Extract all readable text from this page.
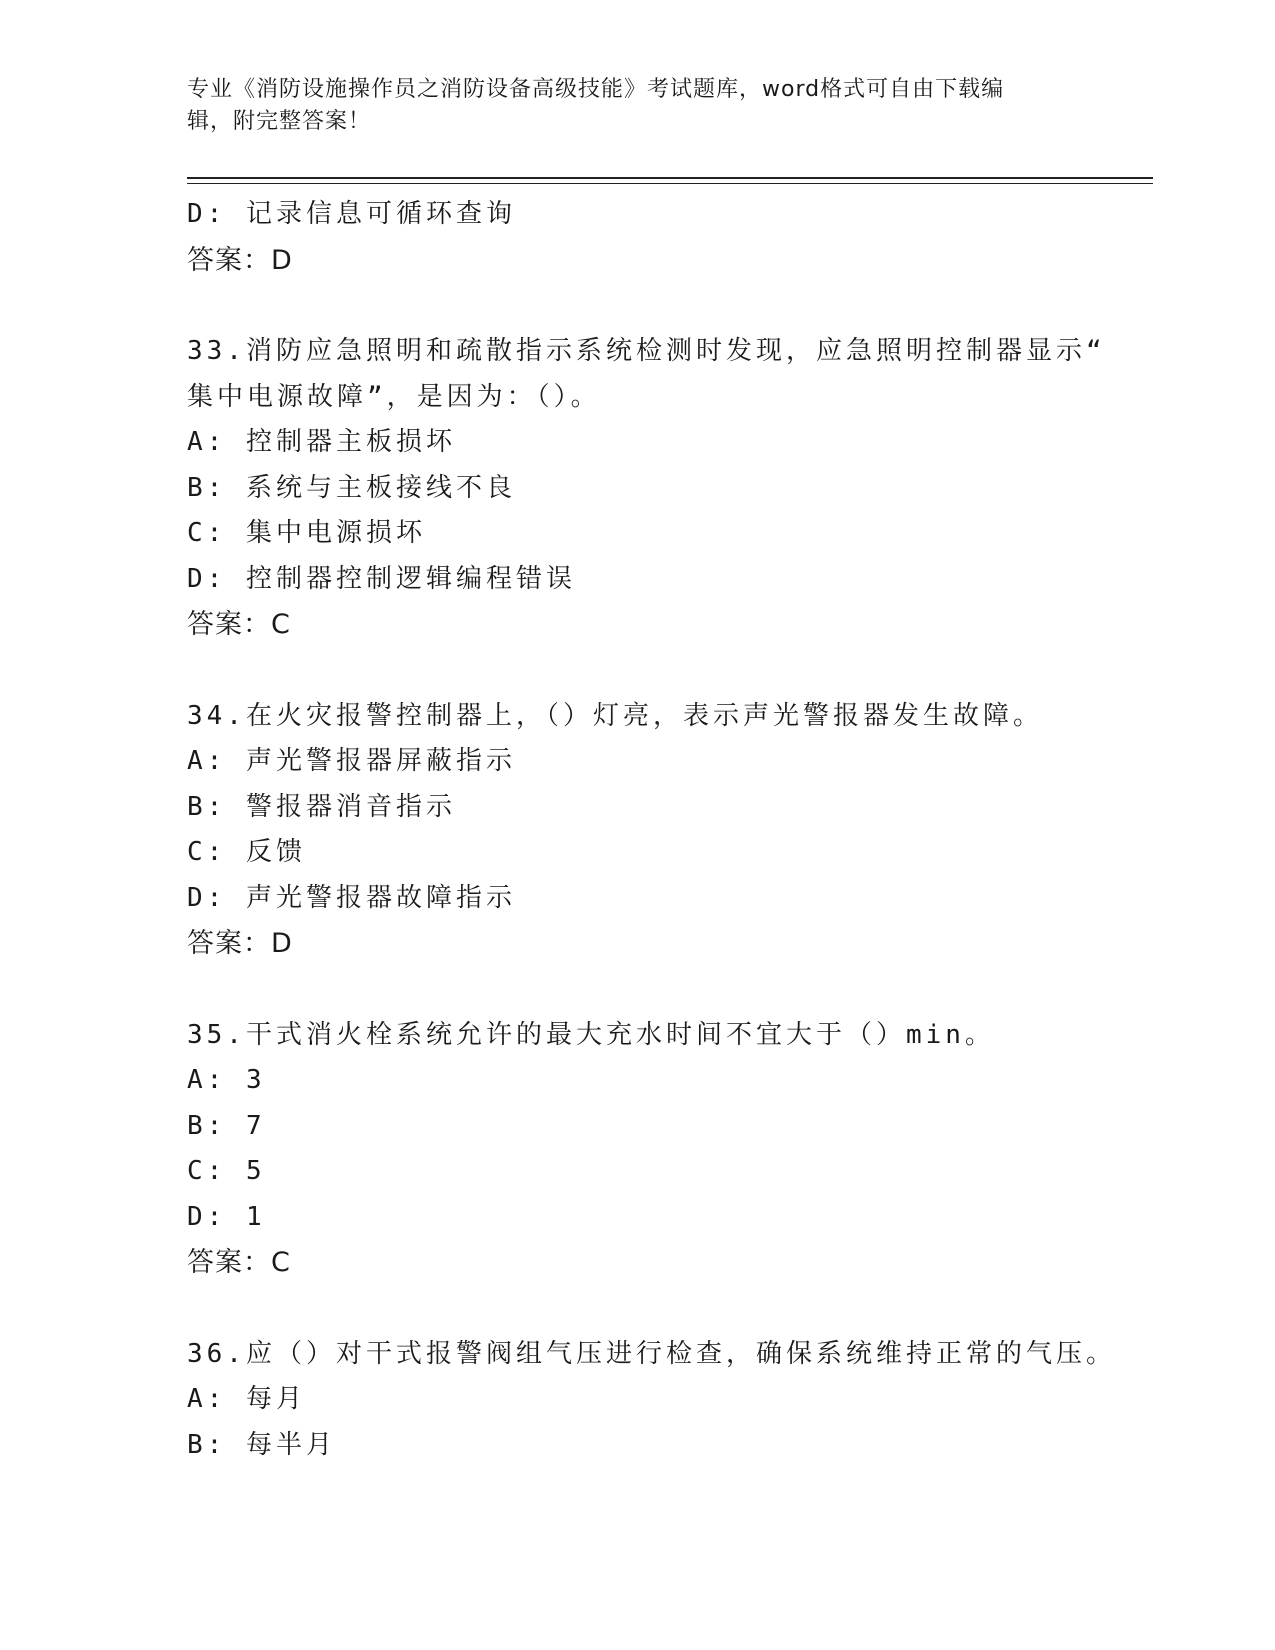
专业《消防设施操作员之消防设备高级技能》考试题库，word格式可自由下载编
辑，附完整答案！
D: 记录信息可循环查询
答案：D
33.消防应急照明和疏散指示系统检测时发现，应急照明控制器显示“
集中电源故障”，是因为：（）。
A: 控制器主板损坏
B: 系统与主板接线不良
C: 集中电源损坏
D: 控制器控制逻辑编程错误
答案：C
34.在火灾报警控制器上，（）灯亮，表示声光警报器发生故障。
A: 声光警报器屏蔽指示
B: 警报器消音指示
C: 反馈
D: 声光警报器故障指示
答案：D
35.干式消火栓系统允许的最大充水时间不宜大于（）min。
A: 3
B: 7
C: 5
D: 1
答案：C
36.应（）对干式报警阀组气压进行检查，确保系统维持正常的气压。
A: 每月
B: 每半月
